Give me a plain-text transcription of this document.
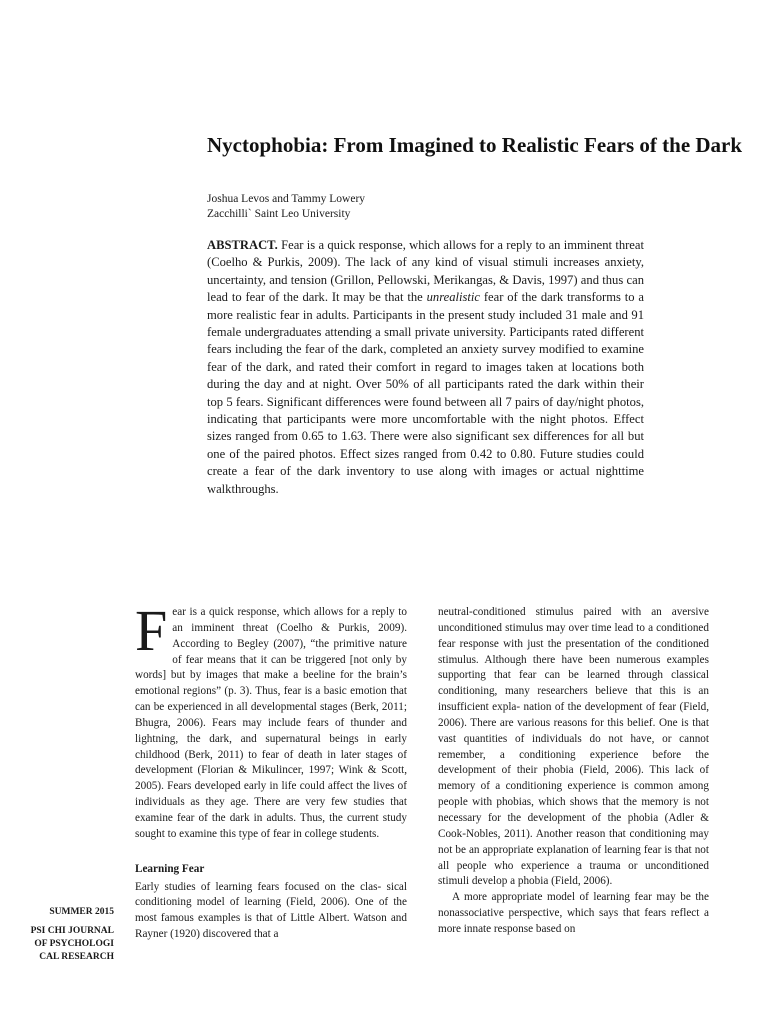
Nyctophobia: From Imagined to Realistic Fears of the Dark
Joshua Levos and Tammy Lowery
Zacchilli` Saint Leo University

ABSTRACT. Fear is a quick response, which allows for a reply to an imminent threat (Coelho & Purkis, 2009). The lack of any kind of visual stimuli increases anxiety, uncertainty, and tension (Grillon, Pellowski, Merikangas, & Davis, 1997) and thus can lead to fear of the dark. It may be that the unrealistic fear of the dark transforms to a more realistic fear in adults. Participants in the present study included 31 male and 91 female undergraduates attending a small private university. Participants rated different fears including the fear of the dark, completed an anxiety survey modified to examine fear of the dark, and rated their comfort in regard to images taken at locations both during the day and at night. Over 50% of all participants rated the dark within their top 5 fears. Significant differences were found between all 7 pairs of day/night photos, indicating that participants were more uncomfortable with the night photos. Effect sizes ranged from 0.65 to 1.63. There were also significant sex differences for all but one of the paired photos. Effect sizes ranged from 0.42 to 0.80. Future studies could create a fear of the dark inventory to use along with images or actual nighttime walkthroughs.

Fear is a quick response, which allows for a reply to an imminent threat (Coelho & Purkis, 2009). According to Begley (2007), “the primitive nature of fear means that it can be triggered [not only by words] but by images that make a beeline for the brain’s emotional regions” (p. 3). Thus, fear is a basic emotion that can be experienced in all developmental stages (Berk, 2011; Bhugra, 2006). Fears may include fears of thunder and lightning, the dark, and supernatural beings in early childhood (Berk, 2011) to fear of death in later stages of development (Florian & Mikulincer, 1997; Wink & Scott, 2005). Fears developed early in life could affect the lives of individuals as they age. There are very few studies that examine fear of the dark in adults. Thus, the current study sought to examine this type of fear in college students.

Learning Fear

Early studies of learning fears focused on the clas- sical conditioning model of learning (Field, 2006). One of the most famous examples is that of Little Albert. Watson and Rayner (1920) discovered that a

neutral-conditioned stimulus paired with an aversive unconditioned stimulus may over time lead to a conditioned fear response with just the presentation of the conditioned stimulus. Although there have been numerous examples supporting that fear can be learned through classical conditioning, many researchers believe that this is an insufficient expla- nation of the development of fear (Field, 2006). There are various reasons for this belief. One is that vast quantities of individuals do not have, or cannot remember, a conditioning experience before the development of their phobia (Field, 2006). This lack of memory of a conditioning experience is common among people with phobias, which shows that the memory is not necessary for the development of the phobia (Adler & Cook-Nobles, 2011). Another reason that conditioning may not be an appropriate explanation of learning fear is that not all people who experience a trauma or unconditioned stimuli develop a phobia (Field, 2006).

A more appropriate model of learning fear may be the nonassociative perspective, which says that fears reflect a more innate response based on

SUMMER 2015
PSI CHI JOURNAL OF PSYCHOLOGICAL RESEARCH
